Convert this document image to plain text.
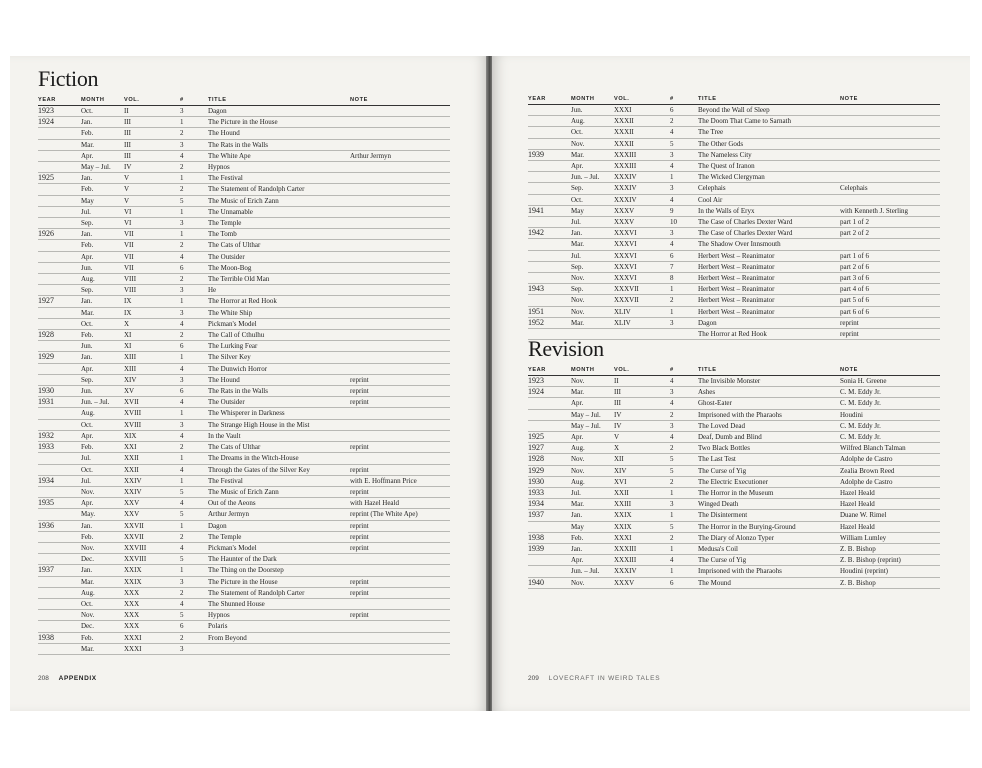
Fiction
YEAR	MONTH	VOL.	#	TITLE	NOTE
1923	Oct.	II	3	Dagon	
1924	Jan.	III	1	The Picture in the House	
	Feb.	III	2	The Hound	
	Mar.	III	3	The Rats in the Walls	
	Apr.	III	4	The White Ape	Arthur Jermyn
	May – Jul.	IV	2	Hypnos	
1925	Jan.	V	1	The Festival	
	Feb.	V	2	The Statement of Randolph Carter	
	May	V	5	The Music of Erich Zann	
	Jul.	VI	1	The Unnamable	
	Sep.	VI	3	The Temple	
1926	Jan.	VII	1	The Tomb	
	Feb.	VII	2	The Cats of Ulthar	
	Apr.	VII	4	The Outsider	
	Jun.	VII	6	The Moon-Bog	
	Aug.	VIII	2	The Terrible Old Man	
	Sep.	VIII	3	He	
1927	Jan.	IX	1	The Horror at Red Hook	
	Mar.	IX	3	The White Ship	
	Oct.	X	4	Pickman's Model	
1928	Feb.	XI	2	The Call of Cthulhu	
	Jun.	XI	6	The Lurking Fear	
1929	Jan.	XIII	1	The Silver Key	
	Apr.	XIII	4	The Dunwich Horror	
	Sep.	XIV	3	The Hound	reprint
1930	Jun.	XV	6	The Rats in the Walls	reprint
1931	Jun. – Jul.	XVII	4	The Outsider	reprint
	Aug.	XVIII	1	The Whisperer in Darkness	
	Oct.	XVIII	3	The Strange High House in the Mist	
1932	Apr.	XIX	4	In the Vault	
1933	Feb.	XXI	2	The Cats of Ulthar	reprint
	Jul.	XXII	1	The Dreams in the Witch-House	
	Oct.	XXII	4	Through the Gates of the Silver Key	reprint
1934	Jul.	XXIV	1	The Festival	with E. Hoffmann Price
	Nov.	XXIV	5	The Music of Erich Zann	reprint
1935	Apr.	XXV	4	Out of the Aeons	with Hazel Heald
	May.	XXV	5	Arthur Jermyn	reprint (The White Ape)
1936	Jan.	XXVII	1	Dagon	reprint
	Feb.	XXVII	2	The Temple	reprint
	Nov.	XXVIII	4	Pickman's Model	reprint
	Dec.	XXVIII	5	The Haunter of the Dark	
1937	Jan.	XXIX	1	The Thing on the Doorstep	
	Mar.	XXIX	3	The Picture in the House	reprint
	Aug.	XXX	2	The Statement of Randolph Carter	reprint
	Oct.	XXX	4	The Shunned House	
	Nov.	XXX	5	Hypnos	reprint
	Dec.	XXX	6	Polaris	
1938	Feb.	XXXI	2	From Beyond	
	Mar.	XXXI	3		
208 APPENDIX
YEAR	MONTH	VOL.	#	TITLE	NOTE
	Jun.	XXXI	6	Beyond the Wall of Sleep	
	Aug.	XXXII	2	The Doom That Came to Sarnath	
	Oct.	XXXII	4	The Tree	
	Nov.	XXXII	5	The Other Gods	
1939	Mar.	XXXIII	3	The Nameless City	
	Apr.	XXXIII	4	The Quest of Iranon	
	Jun. – Jul.	XXXIV	1	The Wicked Clergyman	
	Sep.	XXXIV	3	Celephais	Celephais
	Oct.	XXXIV	4	Cool Air	
1941	May	XXXV	9	In the Walls of Eryx	with Kenneth J. Sterling
	Jul.	XXXV	10	The Case of Charles Dexter Ward	part 1 of 2
1942	Jan.	XXXVI	3	The Case of Charles Dexter Ward	part 2 of 2
	Mar.	XXXVI	4	The Shadow Over Innsmouth	
	Jul.	XXXVI	6	Herbert West – Reanimator	part 1 of 6
	Sep.	XXXVI	7	Herbert West – Reanimator	part 2 of 6
	Nov.	XXXVI	8	Herbert West – Reanimator	part 3 of 6
1943	Sep.	XXXVII	1	Herbert West – Reanimator	part 4 of 6
	Nov.	XXXVII	2	Herbert West – Reanimator	part 5 of 6
1951	Nov.	XLIV	1	Herbert West – Reanimator	part 6 of 6
1952	Mar.	XLIV	3	Dagon	reprint
				The Horror at Red Hook	reprint
Revision
YEAR	MONTH	VOL.	#	TITLE	NOTE
1923	Nov.	II	4	The Invisible Monster	Sonia H. Greene
1924	Mar.	III	3	Ashes	C. M. Eddy Jr.
	Apr.	III	4	Ghost-Eater	C. M. Eddy Jr.
	May – Jul.	IV	2	Imprisoned with the Pharaohs	Houdini
	May – Jul.	IV	3	The Loved Dead	C. M. Eddy Jr.
1925	Apr.	V	4	Deaf, Dumb and Blind	C. M. Eddy Jr.
1927	Aug.	X	2	Two Black Bottles	Wilfred Blanch Talman
1928	Nov.	XII	5	The Last Test	Adolphe de Castro
1929	Nov.	XIV	5	The Curse of Yig	Zealia Brown Reed
1930	Aug.	XVI	2	The Electric Executioner	Adolphe de Castro
1933	Jul.	XXII	1	The Horror in the Museum	Hazel Heald
1934	Mar.	XXIII	3	Winged Death	Hazel Heald
1937	Jan.	XXIX	1	The Disinterment	Duane W. Rimel
	May	XXIX	5	The Horror in the Burying-Ground	Hazel Heald
1938	Feb.	XXXI	2	The Diary of Alonzo Typer	William Lumley
1939	Jan.	XXXIII	1	Medusa's Coil	Z. B. Bishop
	Apr.	XXXIII	4	The Curse of Yig	Z. B. Bishop (reprint)
	Jun. – Jul.	XXXIV	1	Imprisoned with the Pharaohs	Houdini (reprint)
1940	Nov.	XXXV	6	The Mound	Z. B. Bishop
209 LOVECRAFT IN WEIRD TALES
